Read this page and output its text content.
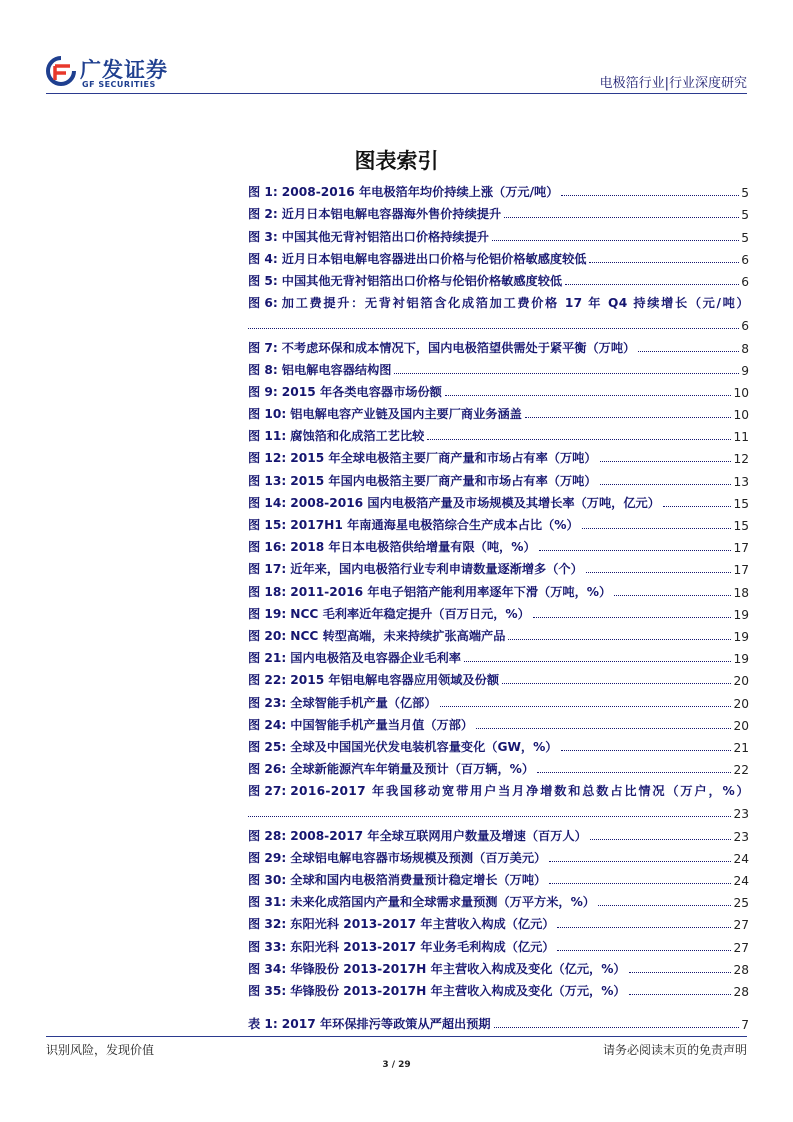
广发证券
GF SECURITIES	电极箔行业|行业深度研究
图表索引
图 1: 2008-2016 年电极箔年均价持续上涨（万元/吨）	5
图 2: 近月日本铝电解电容器海外售价持续提升	5
图 3: 中国其他无背衬铝箔出口价格持续提升	5
图 4: 近月日本铝电解电容器进出口价格与伦铝价格敏感度较低	6
图 5: 中国其他无背衬铝箔出口价格与伦铝价格敏感度较低	6
图 6: 加工费提升：无背衬铝箔含化成箔加工费价格 17 年 Q4 持续增长（元/吨）
6
图 7: 不考虑环保和成本情况下，国内电极箔望供需处于紧平衡（万吨）	8
图 8: 铝电解电容器结构图	9
图 9: 2015 年各类电容器市场份额	10
图 10: 铝电解电容产业链及国内主要厂商业务涵盖	10
图 11: 腐蚀箔和化成箔工艺比较	11
图 12: 2015 年全球电极箔主要厂商产量和市场占有率（万吨）	12
图 13: 2015 年国内电极箔主要厂商产量和市场占有率（万吨）	13
图 14: 2008-2016 国内电极箔产量及市场规模及其增长率（万吨，亿元）	15
图 15: 2017H1 年南通海星电极箔综合生产成本占比（%）	15
图 16: 2018 年日本电极箔供给增量有限（吨，%）	17
图 17: 近年来，国内电极箔行业专利申请数量逐渐增多（个）	17
图 18: 2011-2016 年电子铝箔产能利用率逐年下滑（万吨，%）	18
图 19: NCC 毛利率近年稳定提升（百万日元，%）	19
图 20: NCC 转型高端，未来持续扩张高端产品	19
图 21: 国内电极箔及电容器企业毛利率	19
图 22: 2015 年铝电解电容器应用领域及份额	20
图 23: 全球智能手机产量（亿部）	20
图 24: 中国智能手机产量当月值（万部）	20
图 25: 全球及中国国光伏发电装机容量变化（GW，%）	21
图 26: 全球新能源汽车年销量及预计（百万辆，%）	22
图 27: 2016-2017 年我国移动宽带用户当月净增数和总数占比情况（万户，%）
23
图 28: 2008-2017 年全球互联网用户数量及增速（百万人）	23
图 29: 全球铝电解电容器市场规模及预测（百万美元）	24
图 30: 全球和国内电极箔消费量预计稳定增长（万吨）	24
图 31: 未来化成箔国内产量和全球需求量预测（万平方米，%）	25
图 32: 东阳光科 2013-2017 年主营收入构成（亿元）	27
图 33: 东阳光科 2013-2017 年业务毛利构成（亿元）	27
图 34: 华锋股份 2013-2017H 年主营收入构成及变化（亿元，%）	28
图 35: 华锋股份 2013-2017H 年主营收入构成及变化（万元，%）	28
表 1: 2017 年环保排污等政策从严超出预期	7
识别风险，发现价值	请务必阅读末页的免责声明
3 / 29
